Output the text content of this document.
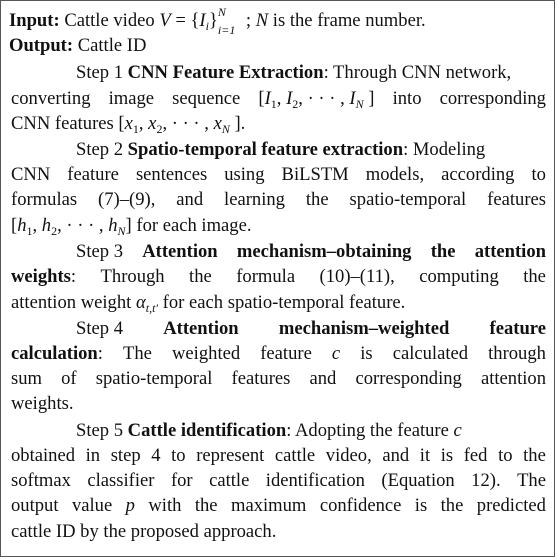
Input: Cattle video $V = \{I_i\}$ N
i=1 ; N is the frame number.
Output: Cattle ID
Step 1 CNN Feature Extraction: Through CNN network,
converting image sequence [$I_1$, $I_2$, · · · , $I_N$ ] into corresponding
CNN features [$x_1$, $x_2$, · · · , $x_N$ ].
Step 2 Spatio-temporal feature extraction: Modeling
CNN feature sentences using BiLSTM models, according to
formulas (7)–(9), and learning the spatio-temporal features
[$h_1$, $h_2$, · · · , $h_N$] for each image.
Step 3 Attention mechanism–obtaining the attention
weights: Through the formula (10)–(11), computing the
attention weight $\alpha_{t,t'}$ for each spatio-temporal feature.
Step 4 Attention mechanism–weighted feature
calculation: The weighted feature c is calculated through
sum of spatio-temporal features and corresponding attention
weights.
Step 5 Cattle identification: Adopting the feature c
obtained in step 4 to represent cattle video, and it is fed to the
softmax classifier for cattle identification (Equation 12). The
output value p with the maximum confidence is the predicted
cattle ID by the proposed approach.
